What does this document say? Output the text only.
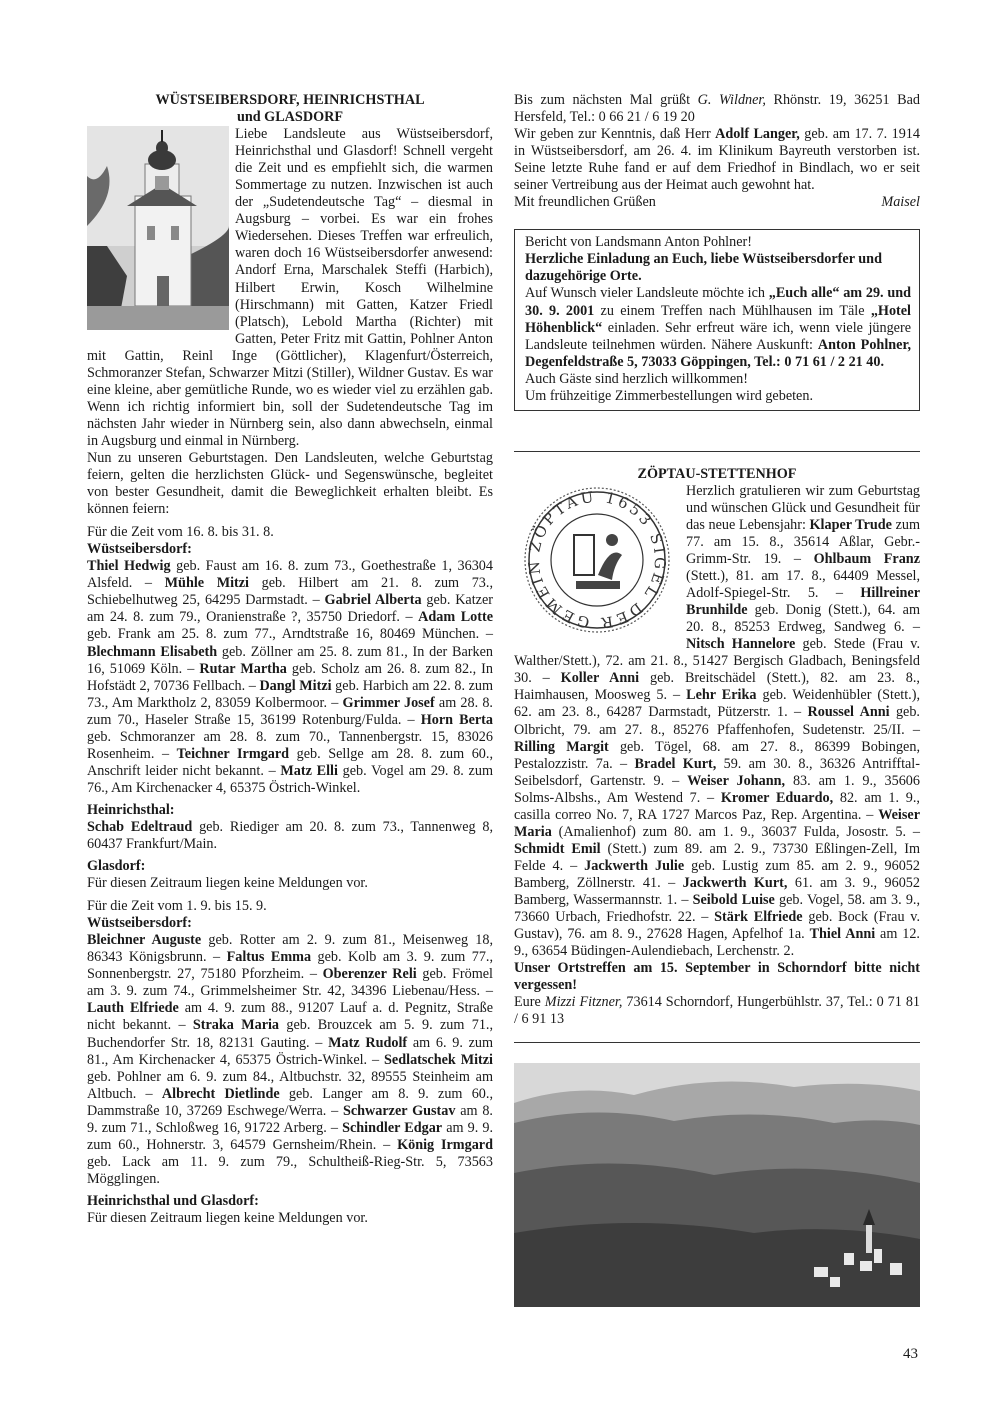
WÜSTSEIBERSDORF, HEINRICHSTHAL

und GLASDORF

Liebe Landsleute aus Wüstseibersdorf, Heinrichsthal und Glasdorf! Schnell vergeht die Zeit und es empfiehlt sich, die warmen Sommertage zu nutzen. Inzwischen ist auch der „Sudetendeutsche Tag“ – diesmal in Augsburg – vorbei. Es war ein frohes Wiedersehen. Dieses Treffen war erfreulich, waren doch 16 Wüstseibersdorfer anwesend: Andorf Erna, Marschalek Steffi (Harbich), Hilbert Erwin, Kosch Wilhelmine (Hirschmann) mit Gatten, Katzer Friedl (Platsch), Lebold Martha (Richter) mit Gatten, Peter Fritz mit Gattin, Pohlner Anton mit Gattin, Reinl Inge (Göttlicher), Klagenfurt/Österreich, Schmoranzer Stefan, Schwarzer Mitzi (Stiller), Wildner Gustav. Es war eine kleine, aber gemütliche Runde, wo es wieder viel zu erzählen gab. Wenn ich richtig informiert bin, soll der Sudetendeutsche Tag im nächsten Jahr wieder in Nürnberg sein, also dann abwechseln, einmal in Augsburg und einmal in Nürnberg.

Nun zu unseren Geburtstagen. Den Landsleuten, welche Geburtstag feiern, gelten die herzlichsten Glück- und Segenswünsche, begleitet von bester Gesundheit, damit die Beweglichkeit erhalten bleibt. Es können feiern:

Für die Zeit vom 16. 8. bis 31. 8.

Wüstseibersdorf:

Thiel Hedwig geb. Faust am 16. 8. zum 73., Goethestraße 1, 36304 Alsfeld. – Mühle Mitzi geb. Hilbert am 21. 8. zum 73., Schiebelhutweg 25, 64295 Darmstadt. – Gabriel Alberta geb. Katzer am 24. 8. zum 79., Oranienstraße ?, 35750 Driedorf. – Adam Lotte geb. Frank am 25. 8. zum 77., Arndtstraße 16, 80469 München. – Blechmann Elisabeth geb. Zöllner am 25. 8. zum 81., In der Barken 16, 51069 Köln. – Rutar Martha geb. Scholz am 26. 8. zum 82., In Hofstädt 2, 70736 Fellbach. – Dangl Mitzi geb. Harbich am 22. 8. zum 73., Am Marktholz 2, 83059 Kolbermoor. – Grimmer Josef am 28. 8. zum 70., Haseler Straße 15, 36199 Rotenburg/Fulda. – Horn Berta geb. Schmoranzer am 28. 8. zum 70., Tannenbergstr. 15, 83026 Rosenheim. – Teichner Irmgard geb. Sellge am 28. 8. zum 60., Anschrift leider nicht bekannt. – Matz Elli geb. Vogel am 29. 8. zum 76., Am Kirchenacker 4, 65375 Östrich-Winkel.

Heinrichsthal:

Schab Edeltraud geb. Riediger am 20. 8. zum 73., Tannenweg 8, 60437 Frankfurt/Main.

Glasdorf:

Für diesen Zeitraum liegen keine Meldungen vor.

Für die Zeit vom 1. 9. bis 15. 9.

Wüstseibersdorf:

Bleichner Auguste geb. Rotter am 2. 9. zum 81., Meisenweg 18, 86343 Königsbrunn. – Faltus Emma geb. Kolb am 3. 9. zum 77., Sonnenbergstr. 27, 75180 Pforzheim. – Oberenzer Reli geb. Frömel am 3. 9. zum 74., Grimmelsheimer Str. 42, 34396 Liebenau/Hess. – Lauth Elfriede am 4. 9. zum 88., 91207 Lauf a. d. Pegnitz, Straße nicht bekannt. – Straka Maria geb. Brouzcek am 5. 9. zum 71., Buchendorfer Str. 18, 82131 Gauting. – Matz Rudolf am 6. 9. zum 81., Am Kirchenacker 4, 65375 Östrich-Winkel. – Sedlatschek Mitzi geb. Pohlner am 6. 9. zum 84., Altbuchstr. 32, 89555 Steinheim am Altbuch. – Albrecht Dietlinde geb. Langer am 8. 9. zum 60., Dammstraße 10, 37269 Eschwege/Werra. – Schwarzer Gustav am 8. 9. zum 71., Schloßweg 16, 91722 Arberg. – Schindler Edgar am 9. 9. zum 60., Hohnerstr. 3, 64579 Gernsheim/Rhein. – König Irmgard geb. Lack am 11. 9. zum 79., Schultheiß-Rieg-Str. 5, 73563 Mögglingen.

Heinrichsthal und Glasdorf:

Für diesen Zeitraum liegen keine Meldungen vor.

Bis zum nächsten Mal grüßt G. Wildner, Rhönstr. 19, 36251 Bad Hersfeld, Tel.: 0 66 21 / 6 19 20

Wir geben zur Kenntnis, daß Herr Adolf Langer, geb. am 17. 7. 1914 in Wüstseibersdorf, am 26. 4. im Klinikum Bayreuth verstorben ist. Seine letzte Ruhe fand er auf dem Friedhof in Bindlach, wo er seit seiner Vertreibung aus der Heimat auch gewohnt hat.

Mit freundlichen Grüßen	Maisel

Bericht von Landsmann Anton Pohlner!

Herzliche Einladung an Euch, liebe Wüstseibersdorfer und dazugehörige Orte.

Auf Wunsch vieler Landsleute möchte ich „Euch alle“ am 29. und 30. 9. 2001 zu einem Treffen nach Mühlhausen im Täle „Hotel Höhenblick“ einladen. Sehr erfreut wäre ich, wenn viele jüngere Landsleute teilnehmen würden. Nähere Auskunft: Anton Pohlner, Degenfeldstraße 5, 73033 Göppingen, Tel.: 0 71 61 / 2 21 40.

Auch Gäste sind herzlich willkommen!

Um frühzeitige Zimmerbestellungen wird gebeten.

ZÖPTAU-STETTENHOF

ZÖPTAU 1653 SIGEL DER GEMEIN

Herzlich gratulieren wir zum Geburtstag und wünschen Glück und Gesundheit für das neue Lebensjahr: Klaper Trude zum 77. am 15. 8., 35614 Aßlar, Gebr.-Grimm-Str. 19. – Ohlbaum Franz (Stett.), 81. am 17. 8., 64409 Messel, Adolf-Spiegel-Str. 5. – Hillreiner Brunhilde geb. Donig (Stett.), 64. am 20. 8., 85253 Erdweg, Sandweg 6. – Nitsch Hannelore geb. Stede (Frau v. Walther/Stett.), 72. am 21. 8., 51427 Bergisch Gladbach, Beningsfeld 30. – Koller Anni geb. Breitschädel (Stett.), 82. am 23. 8., Haimhausen, Moosweg 5. – Lehr Erika geb. Weidenhübler (Stett.), 62. am 23. 8., 64287 Darmstadt, Pützerstr. 1. – Roussel Anni geb. Olbricht, 79. am 27. 8., 85276 Pfaffenhofen, Sudetenstr. 25/II. – Rilling Margit geb. Tögel, 68. am 27. 8., 86399 Bobingen, Pestalozzistr. 7a. – Bradel Kurt, 59. am 30. 8., 36326 Antrifftal-Seibelsdorf, Gartenstr. 9. – Weiser Johann, 83. am 1. 9., 35606 Solms-Albshs., Am Westend 7. – Kromer Eduardo, 82. am 1. 9., casilla correo No. 7, RA 1727 Marcos Paz, Rep. Argentina. – Weiser Maria (Amalienhof) zum 80. am 1. 9., 36037 Fulda, Josostr. 5. – Schmidt Emil (Stett.) zum 89. am 2. 9., 73730 Eßlingen-Zell, Im Felde 4. – Jackwerth Julie geb. Lustig zum 85. am 2. 9., 96052 Bamberg, Zöllnerstr. 41. – Jackwerth Kurt, 61. am 3. 9., 96052 Bamberg, Wassermannstr. 1. – Seibold Luise geb. Vogel, 58. am 3. 9., 73660 Urbach, Friedhofstr. 22. – Stärk Elfriede geb. Bock (Frau v. Gustav), 76. am 8. 9., 27628 Hagen, Apfelhof 1a. Thiel Anni am 12. 9., 63654 Büdingen-Aulendiebach, Lerchenstr. 2.

Unser Ortstreffen am 15. September in Schorndorf bitte nicht vergessen!

Eure Mizzi Fitzner, 73614 Schorndorf, Hungerbühlstr. 37, Tel.: 0 71 81 / 6 91 13

43
